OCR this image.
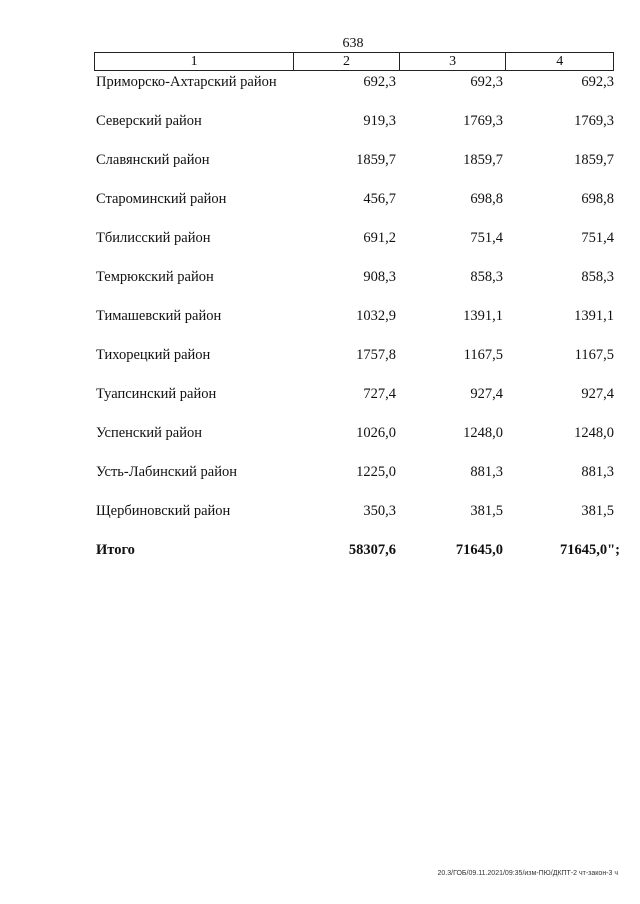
638
1	2	3	4
Приморско-Ахтарский район	692,3	692,3	692,3
Северский район	919,3	1769,3	1769,3
Славянский район	1859,7	1859,7	1859,7
Староминский район	456,7	698,8	698,8
Тбилисский район	691,2	751,4	751,4
Темрюкский район	908,3	858,3	858,3
Тимашевский район	1032,9	1391,1	1391,1
Тихорецкий район	1757,8	1167,5	1167,5
Туапсинский район	727,4	927,4	927,4
Успенский район	1026,0	1248,0	1248,0
Усть-Лабинский район	1225,0	881,3	881,3
Щербиновский район	350,3	381,5	381,5
Итого	58307,6	71645,0	71645,0";
20.3/ГОБ/09.11.2021/09:35/изм-ПЮ/ДКПТ-2 чт-закон-3 ч
